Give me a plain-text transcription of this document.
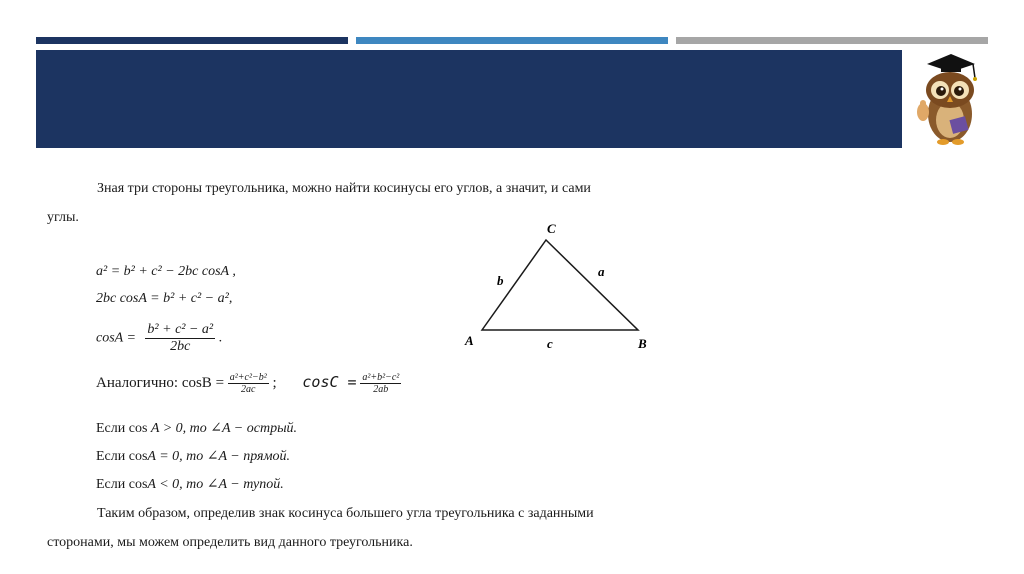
Зная три стороны треугольника, можно найти косинусы его углов, а значит, и сами
углы.
a² = b² + c² − 2bc cosA ,
2bc cosA = b² + c² − a²,
$\cos A = \frac{\text{b² + c² − a²}}{2bc}$ .
Аналогично: $\cos B = \frac{\text{a²+c²−b²}}{2ac}$ ; $\cos C = \frac{\text{a²+b²−c²}}{2ab}$
Если cos A > 0, то ∠A − острый.
Если cosA = 0, то ∠A − прямой.
Если cosA < 0, то ∠A − тупой.
Таким образом, определив знак косинуса большего угла треугольника с заданными
сторонами, мы можем определить вид данного треугольника.
C
A	B
b
a
c
